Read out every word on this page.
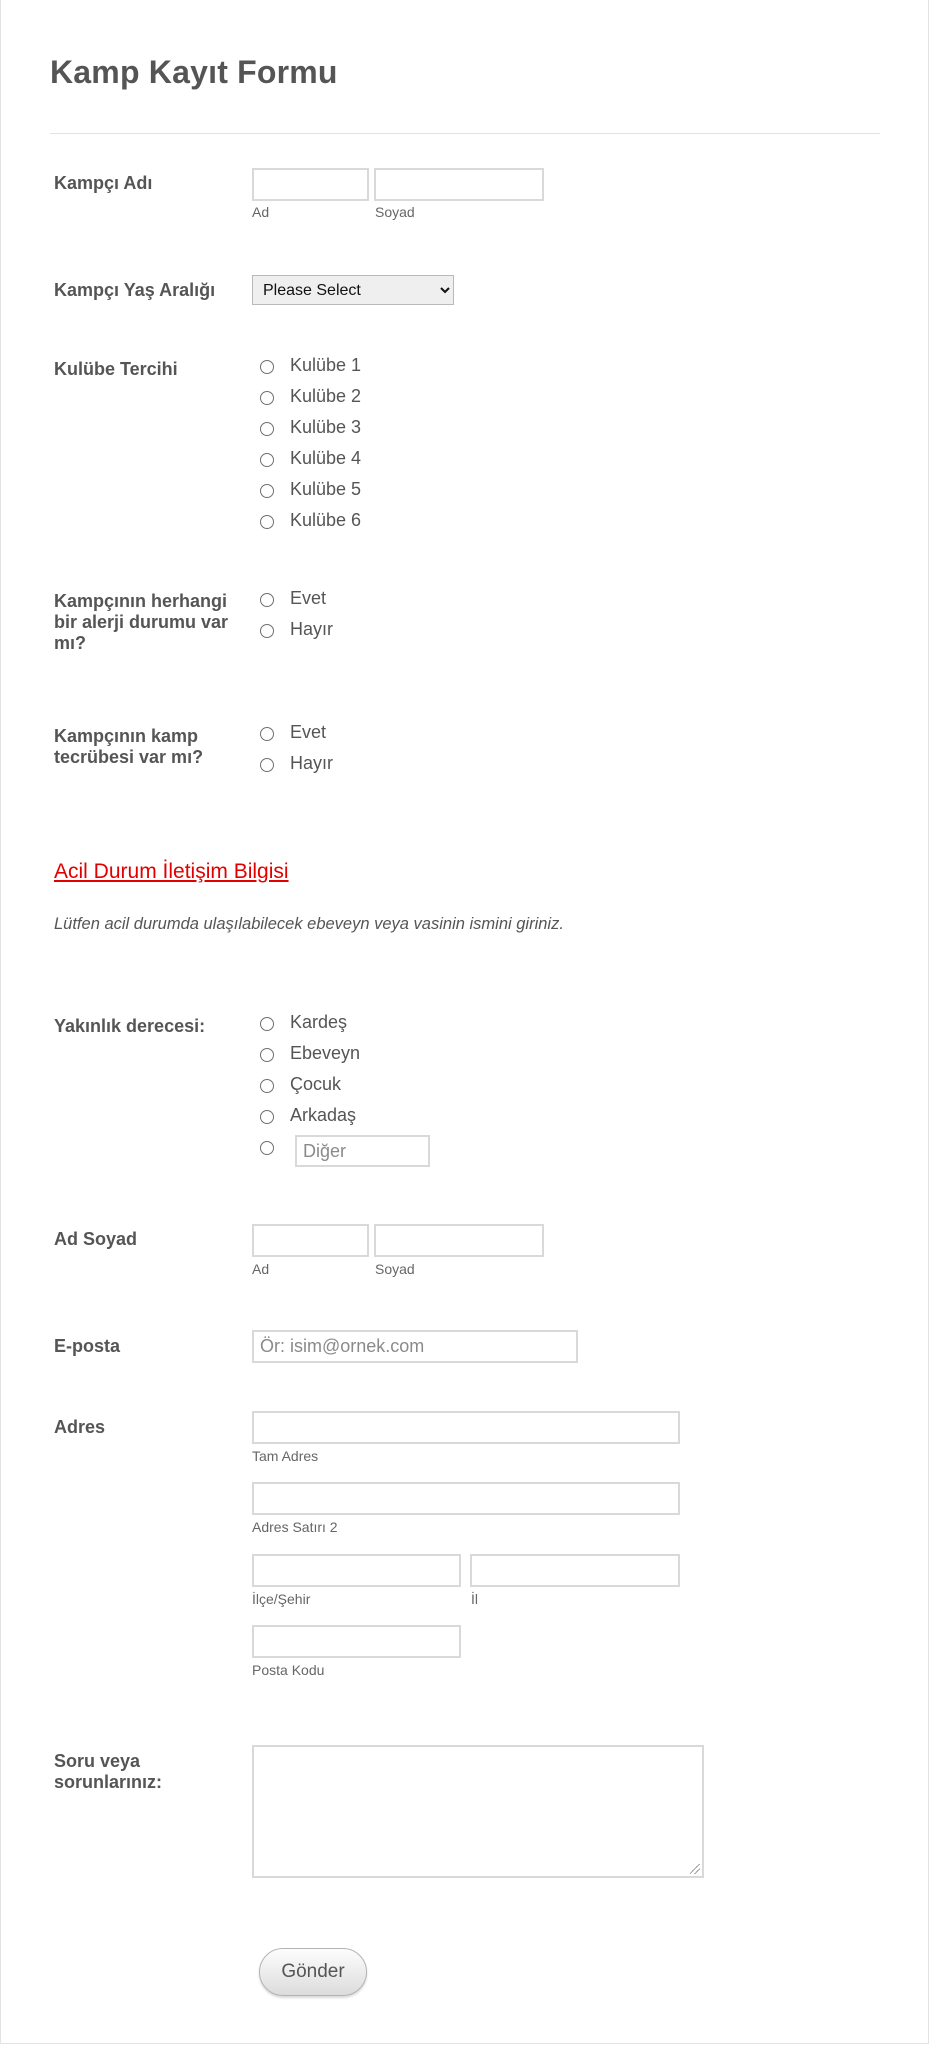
Kamp Kayıt Formu
Kampçı Adı
Ad	Soyad
Kampçı Yaş Aralığı
Please Select
Kulübe Tercihi	Kulübe 1
Kulübe 2
Kulübe 3
Kulübe 4
Kulübe 5
Kulübe 6
Kampçının herhangi bir alerji durumu var mı?
Evet
Hayır
Kampçının kamp tecrübesi var mı?
Evet
Hayır
Acil Durum İletişim Bilgisi
Lütfen acil durumda ulaşılabilecek ebeveyn veya vasinin ismini giriniz.
Yakınlık derecesi:	Kardeş
Ebeveyn
Çocuk
Arkadaş
Diğer
Ad Soyad
Ad	Soyad
E-posta
Ör: isim@ornek.com
Adres
Tam Adres
Adres Satırı 2
İlçe/Şehir	İl
Posta Kodu
Soru veya sorunlarınız:
Gönder
